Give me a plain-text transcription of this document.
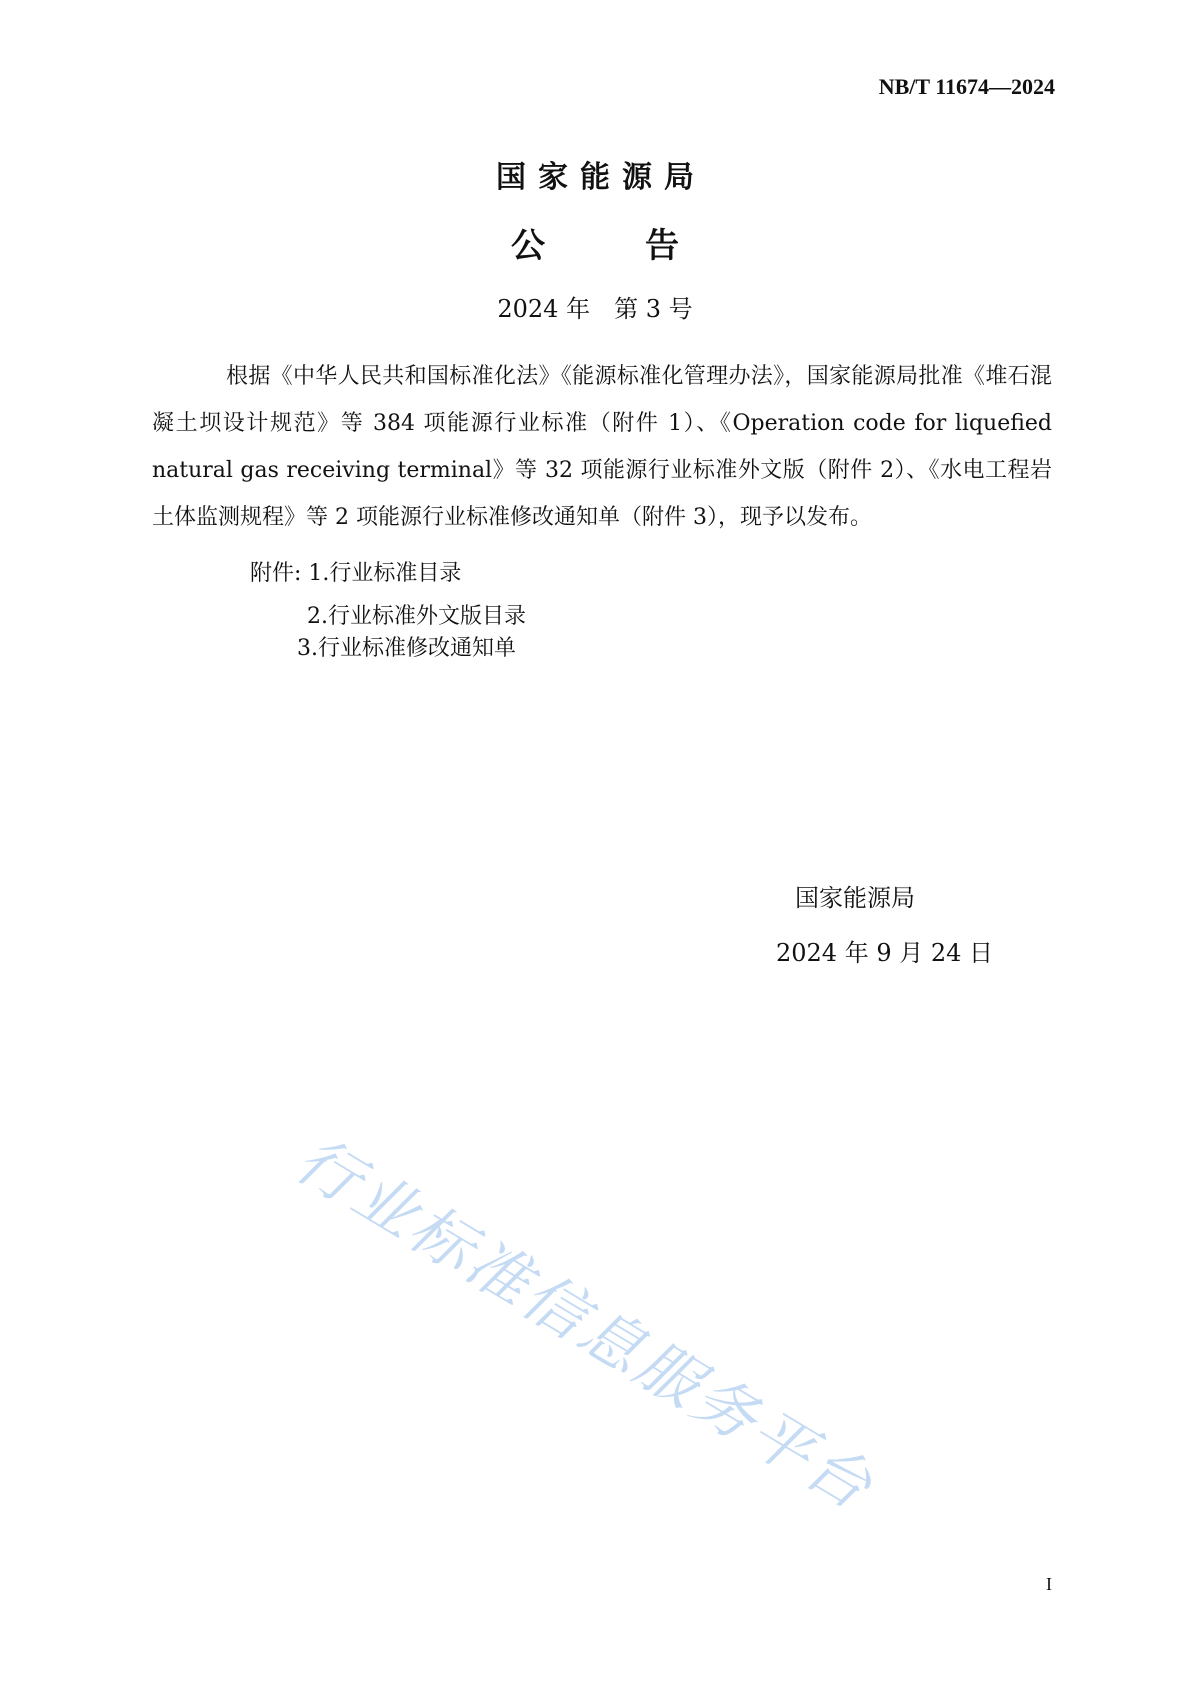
NB/T 11674—2024
国家能源局
公	告
2024 年　第 3 号

根据《中华人民共和国标准化法》《能源标准化管理办法》，国家能源局批准《堆石混凝土坝设计规范》等 384 项能源行业标准（附件 1）、《Operation code for liquefied natural gas receiving terminal》等 32 项能源行业标准外文版（附件 2）、《水电工程岩土体监测规程》等 2 项能源行业标准修改通知单（附件 3），现予以发布。

附件: 1.行业标准目录
2.行业标准外文版目录
3.行业标准修改通知单
国家能源局
2024 年 9 月 24 日
行业标准信息服务平台
I
